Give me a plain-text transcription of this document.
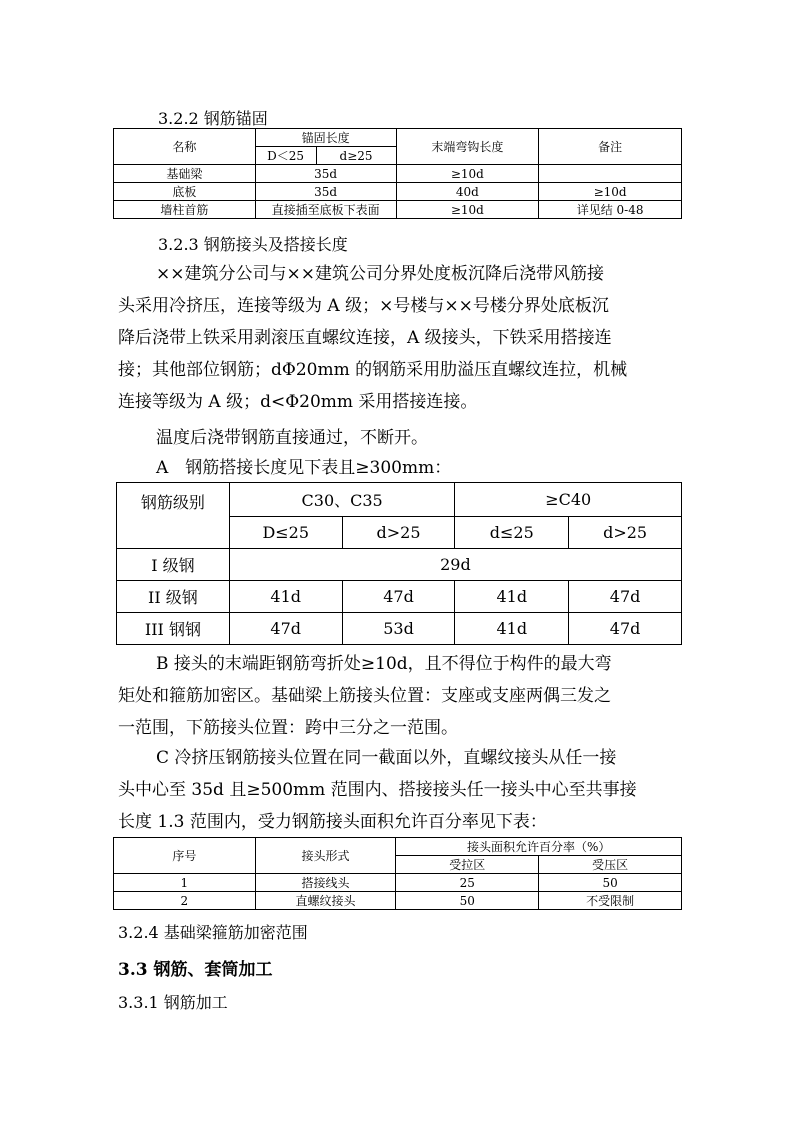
3.2.2 钢筋锚固
名称	锚固长度		末端弯钩长度	备注
	D＜25	d≥25		
基础梁	35d		≥10d	
底板	35d		40d	≥10d
墙柱首筋	直接插至底板下表面		≥10d	详见结 0-48
3.2.3 钢筋接头及搭接长度
××建筑分公司与××建筑公司分界处度板沉降后浇带风筋接
头采用冷挤压，连接等级为 A 级；×号楼与××号楼分界处底板沉
降后浇带上铁采用剥滚压直螺纹连接，A 级接头，下铁采用搭接连
接；其他部位钢筋；dΦ20mm 的钢筋采用肋溢压直螺纹连拉，机械
连接等级为 A 级；d<Φ20mm 采用搭接连接。
温度后浇带钢筋直接通过，不断开。
A　钢筋搭接长度见下表且≥300mm：
钢筋级别	C30、C35		≥C40	
	D≤25	d>25	d≤25	d>25
I 级钢	29d			
II 级钢	41d	47d	41d	47d
III 钢钢	47d	53d	41d	47d
B 接头的末端距钢筋弯折处≥10d，且不得位于构件的最大弯
矩处和箍筋加密区。基础梁上筋接头位置：支座或支座两偶三发之
一范围，下筋接头位置：跨中三分之一范围。
C 冷挤压钢筋接头位置在同一截面以外，直螺纹接头从任一接
头中心至 35d 且≥500mm 范围内、搭接接头任一接头中心至共事接
长度 1.3 范围内，受力钢筋接头面积允许百分率见下表：
序号	接头形式	接头面积允许百分率（%）	
		受拉区	受压区
1	搭接线头	25	50
2	直螺纹接头	50	不受限制
3.2.4 基础梁箍筋加密范围
3.3 钢筋、套筒加工
3.3.1 钢筋加工
